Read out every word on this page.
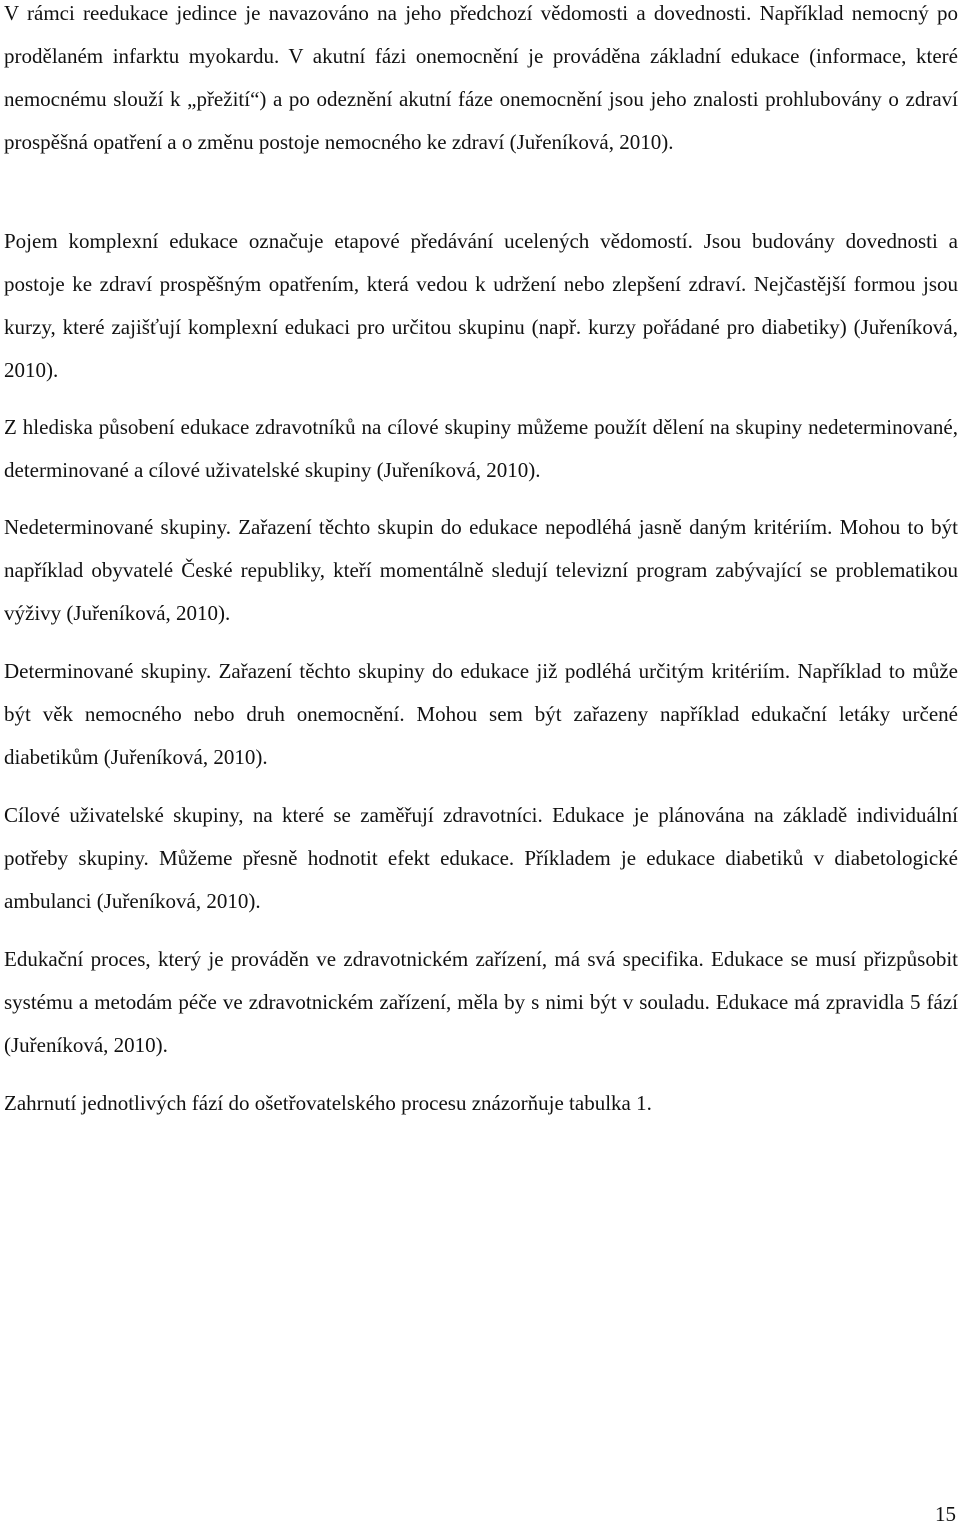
V rámci reedukace jedince je navazováno na jeho předchozí vědomosti a dovednosti. Například nemocný po prodělaném infarktu myokardu. V akutní fázi onemocnění je prováděna základní edukace (informace, které nemocnému slouží k „přežití“) a po odeznění akutní fáze onemocnění jsou jeho znalosti prohlubovány o zdraví prospěšná opatření a o změnu postoje nemocného ke zdraví (Juřeníková, 2010).

Pojem komplexní edukace označuje etapové předávání ucelených vědomostí. Jsou budovány dovednosti a postoje ke zdraví prospěšným opatřením, která vedou k udržení nebo zlepšení zdraví. Nejčastější formou jsou kurzy, které zajišťují komplexní edukaci pro určitou skupinu (např. kurzy pořádané pro diabetiky) (Juřeníková, 2010).

Z hlediska působení edukace zdravotníků na cílové skupiny můžeme použít dělení na skupiny nedeterminované, determinované a cílové uživatelské skupiny (Juřeníková, 2010).

Nedeterminované skupiny. Zařazení těchto skupin do edukace nepodléhá jasně daným kritériím. Mohou to být například obyvatelé České republiky, kteří momentálně sledují televizní program zabývající se problematikou výživy (Juřeníková, 2010).

Determinované skupiny. Zařazení těchto skupiny do edukace již podléhá určitým kritériím. Například to může být věk nemocného nebo druh onemocnění. Mohou sem být zařazeny například edukační letáky určené diabetikům (Juřeníková, 2010).

Cílové uživatelské skupiny, na které se zaměřují zdravotníci. Edukace je plánována na základě individuální potřeby skupiny. Můžeme přesně hodnotit efekt edukace. Příkladem je edukace diabetiků v diabetologické ambulanci (Juřeníková, 2010).

Edukační proces, který je prováděn ve zdravotnickém zařízení, má svá specifika. Edukace se musí přizpůsobit systému a metodám péče ve zdravotnickém zařízení, měla by s nimi být v souladu. Edukace má zpravidla 5 fází (Juřeníková, 2010).

Zahrnutí jednotlivých fází do ošetřovatelského procesu znázorňuje tabulka 1.

15
